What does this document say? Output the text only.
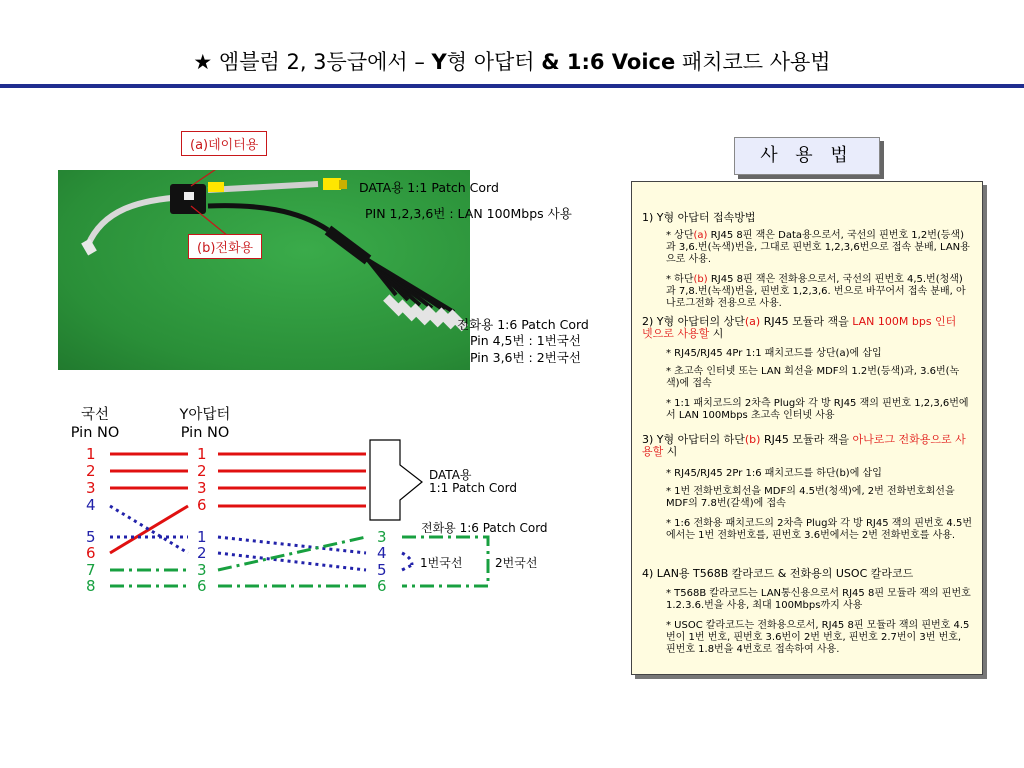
★ 엠블럼 2, 3등급에서 – Y형 아답터 & 1:6 Voice 패치코드 사용법
(a)데이터용
(b)전화용
DATA용 1:1 Patch Cord
PIN 1,2,3,6번 : LAN 100Mbps 사용
전화용 1:6 Patch Cord
Pin 4,5번 : 1번국선
Pin 3,6번 : 2번국선
사 용 법
1) Y형 아답터 접속방법
* 상단(a) RJ45 8핀 잭은 Data용으로서, 국선의 핀번호 1,2번(등색) 과 3,6.번(녹색)번을, 그대로 핀번호 1,2,3,6번으로 접속 분배, LAN용으로 사용.
* 하단(b) RJ45 8핀 잭은 전화용으로서, 국선의 핀번호 4,5.번(청색) 과 7,8.번(녹색)번을, 핀번호 1,2,3,6. 번으로 바꾸어서 접속 분배, 아나로그전화 전용으로 사용.
2) Y형 아답터의 상단(a) RJ45 모듈라 잭을 LAN 100M bps 인터넷으로 사용할 시
* RJ45/RJ45 4Pr 1:1 패치코드를 상단(a)에 삽입
* 초고속 인터넷 또는 LAN 회선을 MDF의 1.2번(등색)과, 3.6번(녹색)에 접속
* 1:1 패치코드의 2차측 Plug와 각 방 RJ45 잭의 핀번호 1,2,3,6번에서 LAN 100Mbps 초고속 인터넷 사용
3) Y형 아답터의 하단(b) RJ45 모듈라 잭을 아나로그 전화용으로 사용할 시
* RJ45/RJ45 2Pr 1:6 패치코드를 하단(b)에 삽입
* 1번 전화번호회선을 MDF의 4.5번(청색)에, 2번 전화번호회선을 MDF의 7.8번(갈색)에 접속
* 1:6 전화용 패치코드의 2차측 Plug와 각 방 RJ45 잭의 핀번호 4.5번에서는 1번 전화번호를, 핀번호 3.6번에서는 2번 전화번호를 사용.
4) LAN용 T568B 칼라코드 & 전화용의 USOC 칼라코드
* T568B 칼라코드는 LAN통신용으로서 RJ45 8핀 모듈라 잭의 핀번호 1.2.3.6.번을 사용, 최대 100Mbps까지 사용
* USOC 칼라코드는 전화용으로서, RJ45 8핀 모듈라 잭의 핀번호 4.5번이 1번 번호, 핀번호 3.6번이 2번 번호, 핀번호 2.7번이 3번 번호, 핀번호 1.8번을 4번호로 접속하여 사용.
국선
Pin NO
Y아답터
Pin NO
1
2
3
4
5
6
7
8
1
2
3
6
1
2
3
6
3
4
5
6
DATA용
1:1 Patch Cord
전화용 1:6 Patch Cord
1번국선	2번국선
